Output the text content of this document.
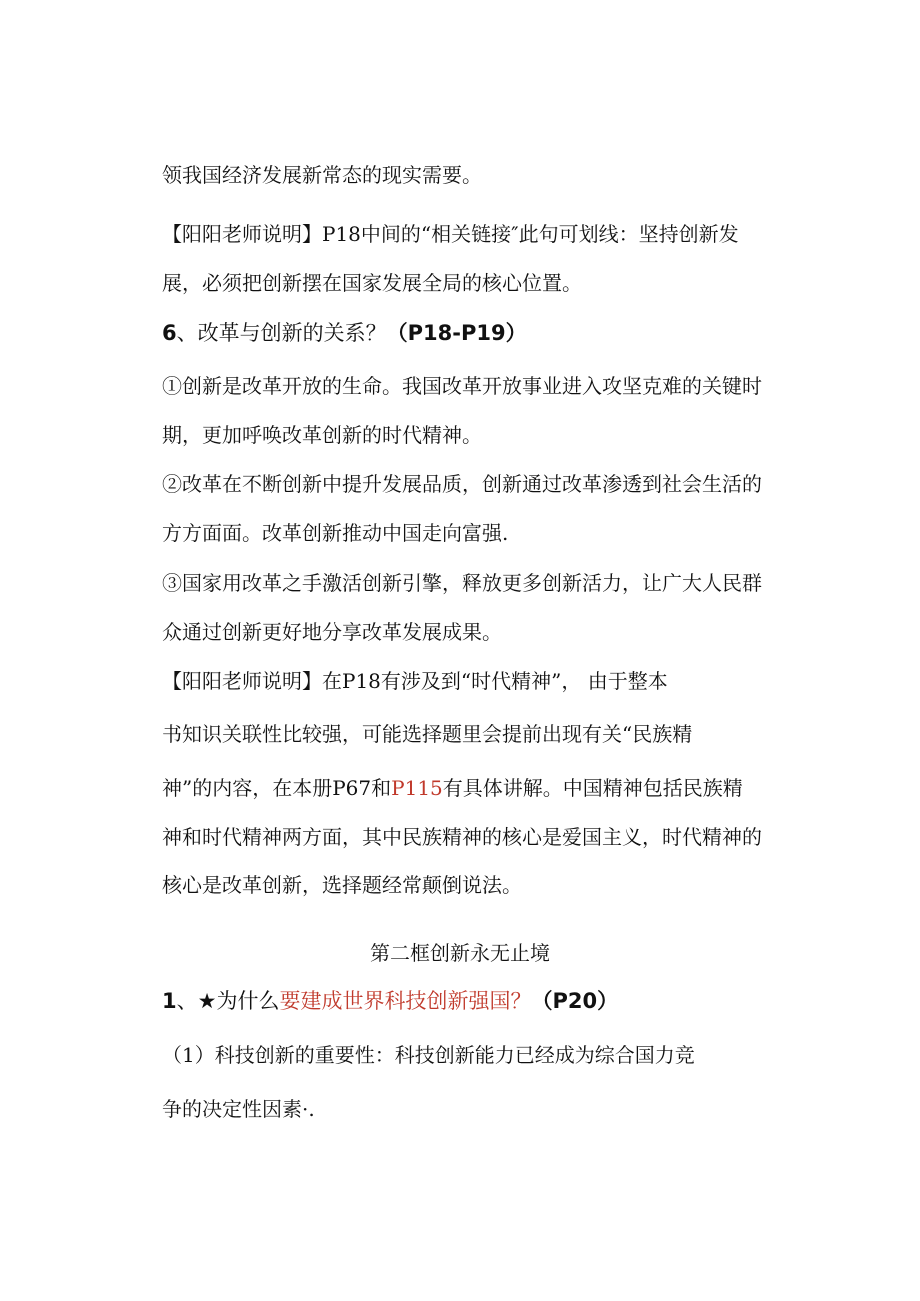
领我国经济发展新常态的现实需要。

【阳阳老师说明】P18中间的“相关链接″此句可划线：坚持创新发

展，必须把创新摆在国家发展全局的核心位置。

6、改革与创新的关系？（P18-P19）

①创新是改革开放的生命。我国改革开放事业进入攻坚克难的关键时

期，更加呼唤改革创新的时代精神。

②改革在不断创新中提升发展品质，创新通过改革渗透到社会生活的

方方面面。改革创新推动中国走向富强.

③国家用改革之手激活创新引擎，释放更多创新活力，让广大人民群

众通过创新更好地分享改革发展成果。

【阳阳老师说明】在P18有涉及到“时代精神”， 由于整本

书知识关联性比较强，可能选择题里会提前出现有关“民族精

神”的内容，在本册P67和P115有具体讲解。中国精神包括民族精

神和时代精神两方面，其中民族精神的核心是爱国主义，时代精神的

核心是改革创新，选择题经常颠倒说法。

第二框创新永无止境

1、★为什么要建成世界科技创新强国？（P20）

（1）科技创新的重要性：科技创新能力已经成为综合国力竞

争的决定性因素·.
